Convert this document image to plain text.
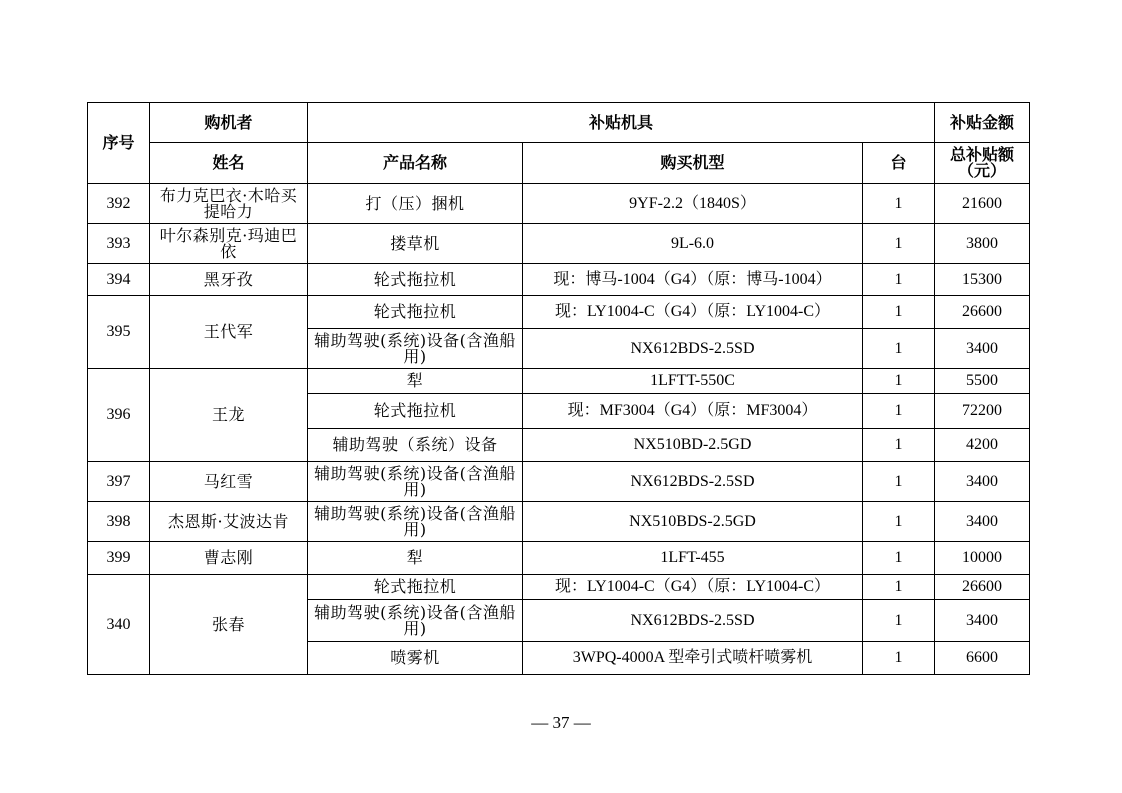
序号	购机者	补贴机具			补贴金额
	姓名	产品名称	购买机型	台	总补贴额（元）
392	布力克巴衣·木哈买提哈力	打（压）捆机	9YF-2.2（1840S）	1	21600
393	叶尔森别克·玛迪巴依	搂草机	9L-6.0	1	3800
394	黑牙孜	轮式拖拉机	现：博马-1004（G4）（原：博马-1004）	1	15300
395	王代军	轮式拖拉机	现：LY1004-C（G4）（原：LY1004-C）	1	26600
		辅助驾驶(系统)设备(含渔船用)	NX612BDS-2.5SD	1	3400
396	王龙	犁	1LFTT-550C	1	5500
		轮式拖拉机	现：MF3004（G4）（原：MF3004）	1	72200
		辅助驾驶（系统）设备	NX510BD-2.5GD	1	4200
397	马红雪	辅助驾驶(系统)设备(含渔船用)	NX612BDS-2.5SD	1	3400
398	杰恩斯·艾波达肯	辅助驾驶(系统)设备(含渔船用)	NX510BDS-2.5GD	1	3400
399	曹志刚	犁	1LFT-455	1	10000
340	张春	轮式拖拉机	现：LY1004-C（G4）（原：LY1004-C）	1	26600
		辅助驾驶(系统)设备(含渔船用)	NX612BDS-2.5SD	1	3400
		喷雾机	3WPQ-4000A 型牵引式喷杆喷雾机	1	6600
— 37 —
